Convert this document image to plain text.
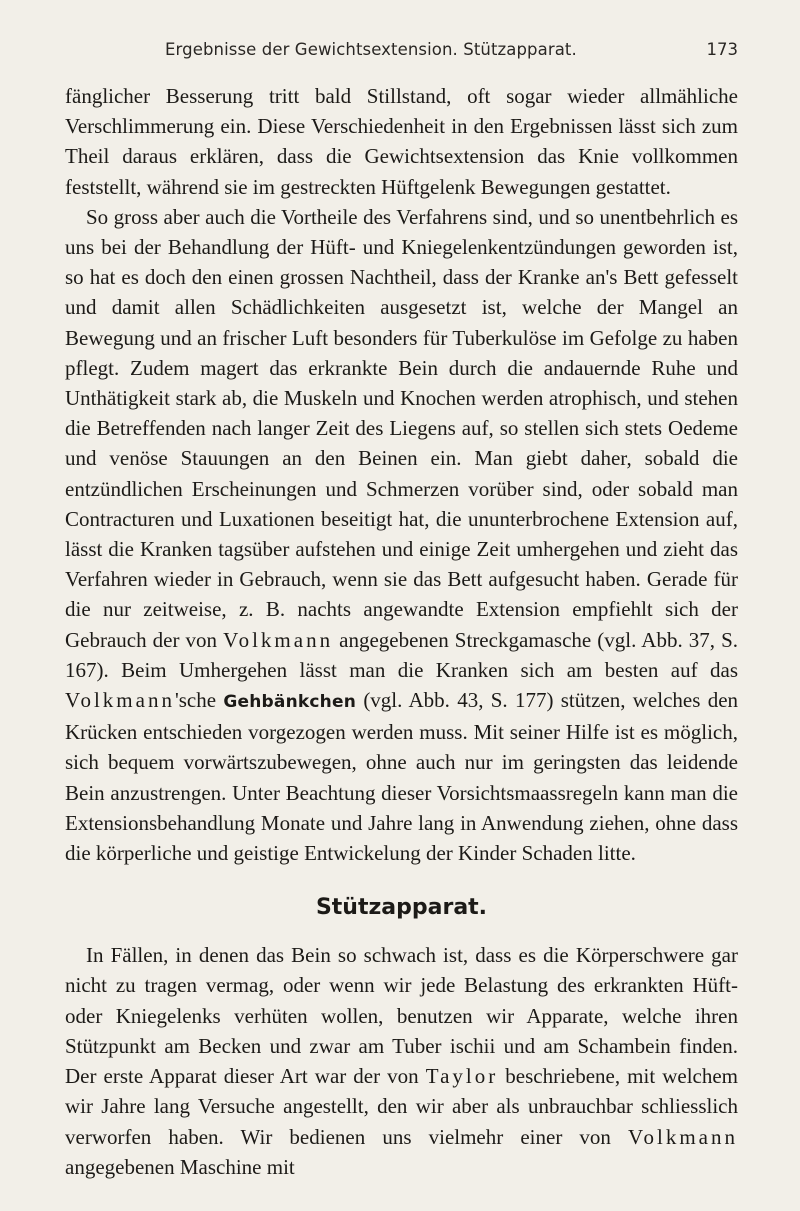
Ergebnisse der Gewichtsextension. Stützapparat.	173

fänglicher Besserung tritt bald Stillstand, oft sogar wieder allmähliche Verschlimmerung ein. Diese Verschiedenheit in den Ergebnissen lässt sich zum Theil daraus erklären, dass die Gewichtsextension das Knie vollkommen feststellt, während sie im gestreckten Hüftgelenk Bewegungen gestattet.

So gross aber auch die Vortheile des Verfahrens sind, und so unentbehrlich es uns bei der Behandlung der Hüft- und Kniegelenkentzündungen geworden ist, so hat es doch den einen grossen Nachtheil, dass der Kranke an's Bett gefesselt und damit allen Schädlichkeiten ausgesetzt ist, welche der Mangel an Bewegung und an frischer Luft besonders für Tuberkulöse im Gefolge zu haben pflegt. Zudem magert das erkrankte Bein durch die andauernde Ruhe und Unthätigkeit stark ab, die Muskeln und Knochen werden atrophisch, und stehen die Betreffenden nach langer Zeit des Liegens auf, so stellen sich stets Oedeme und venöse Stauungen an den Beinen ein. Man giebt daher, sobald die entzündlichen Erscheinungen und Schmerzen vorüber sind, oder sobald man Contracturen und Luxationen beseitigt hat, die ununterbrochene Extension auf, lässt die Kranken tagsüber aufstehen und einige Zeit umhergehen und zieht das Verfahren wieder in Gebrauch, wenn sie das Bett aufgesucht haben. Gerade für die nur zeitweise, z. B. nachts angewandte Extension empfiehlt sich der Gebrauch der von Volkmann angegebenen Streckgamasche (vgl. Abb. 37, S. 167). Beim Umhergehen lässt man die Kranken sich am besten auf das Volkmann'sche Gehbänkchen (vgl. Abb. 43, S. 177) stützen, welches den Krücken entschieden vorgezogen werden muss. Mit seiner Hilfe ist es möglich, sich bequem vorwärtszubewegen, ohne auch nur im geringsten das leidende Bein anzustrengen. Unter Beachtung dieser Vorsichtsmaassregeln kann man die Extensionsbehandlung Monate und Jahre lang in Anwendung ziehen, ohne dass die körperliche und geistige Entwickelung der Kinder Schaden litte.

Stützapparat.

In Fällen, in denen das Bein so schwach ist, dass es die Körperschwere gar nicht zu tragen vermag, oder wenn wir jede Belastung des erkrankten Hüft- oder Kniegelenks verhüten wollen, benutzen wir Apparate, welche ihren Stützpunkt am Becken und zwar am Tuber ischii und am Schambein finden. Der erste Apparat dieser Art war der von Taylor beschriebene, mit welchem wir Jahre lang Versuche angestellt, den wir aber als unbrauchbar schliesslich verworfen haben. Wir bedienen uns vielmehr einer von Volkmann angegebenen Maschine mit
